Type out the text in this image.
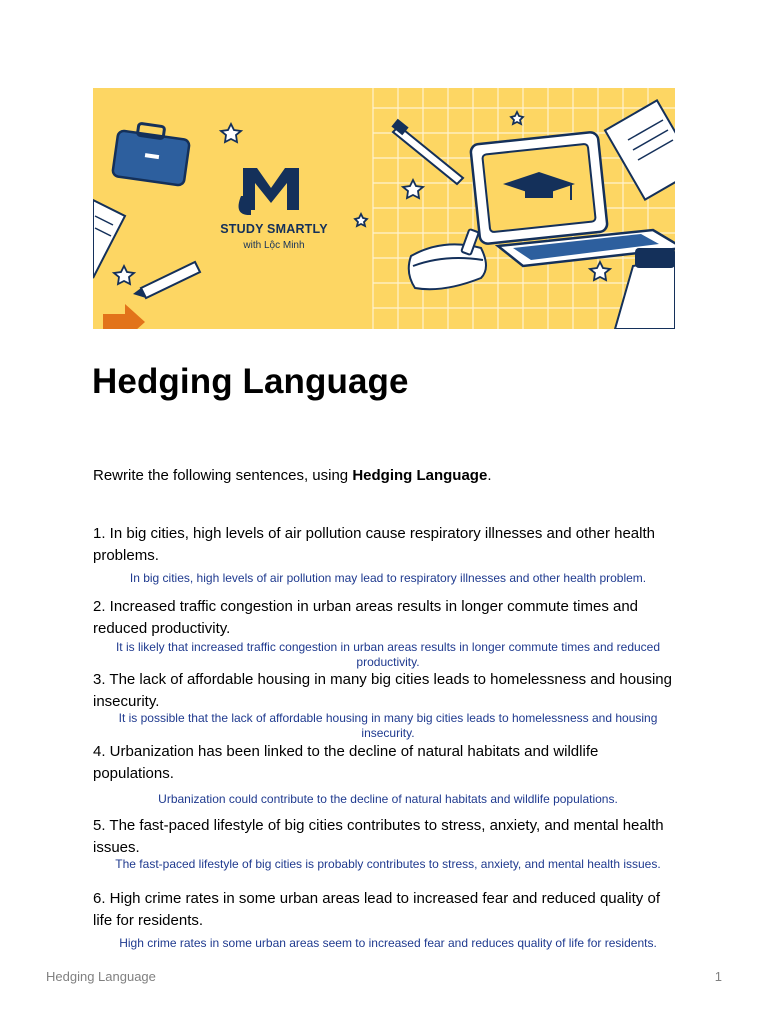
STUDY SMARTLY
with Lộc Minh
Hedging Language
Rewrite the following sentences, using Hedging Language.
1. In big cities, high levels of air pollution cause respiratory illnesses and other health problems.
In big cities, high levels of air pollution may lead to respiratory illnesses and other health problem.
2. Increased traffic congestion in urban areas results in longer commute times and reduced productivity.
It is likely that increased traffic congestion in urban areas results in longer commute times and reduced productivity.
3. The lack of affordable housing in many big cities leads to homelessness and housing insecurity.
It is possible that the lack of affordable housing in many big cities leads to homelessness and housing insecurity.
4. Urbanization has been linked to the decline of natural habitats and wildlife populations.
Urbanization could contribute to the decline of natural habitats and wildlife populations.
5. The fast-paced lifestyle of big cities contributes to stress, anxiety, and mental health issues.
The fast-paced lifestyle of big cities is probably contributes to stress, anxiety, and mental health issues.
6. High crime rates in some urban areas lead to increased fear and reduced quality of life for residents.
High crime rates in some urban areas seem to increased fear and reduces quality of life for residents.
Hedging Language	1
